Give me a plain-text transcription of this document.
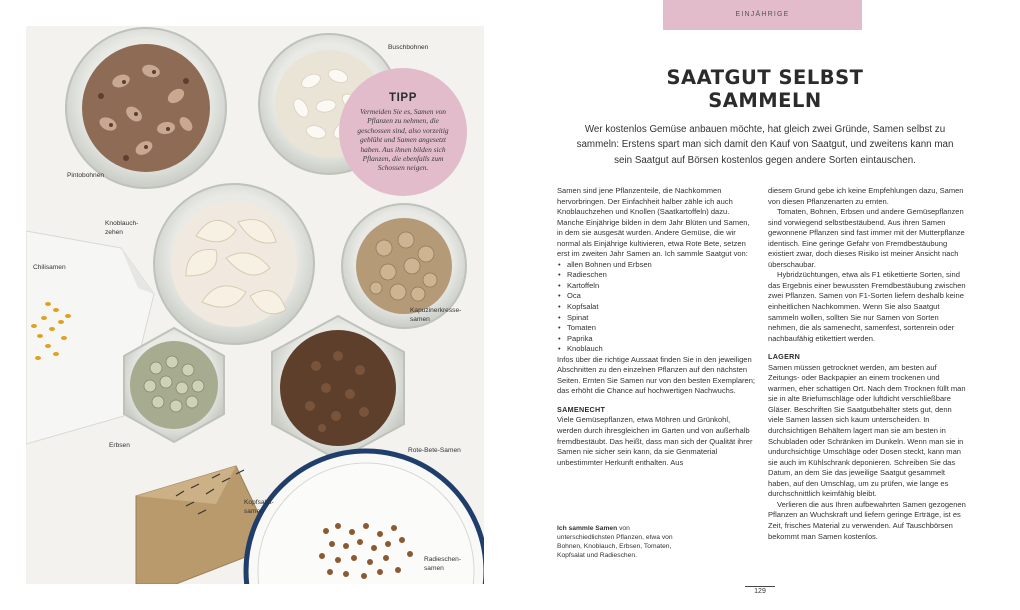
Buschbohnen
Pintobohnen
Knoblauch-
zehen
Chilisamen
Kapuzinerkresse-
samen
Erbsen
Rote-Bete-Samen
Kopfsalat-
samen
Radieschen-
samen
TIPP
Vermeiden Sie es, Samen von Pflanzen zu nehmen, die geschossen sind, also vorzeitig geblüht und Samen angesetzt haben. Aus ihnen bilden sich Pflanzen, die ebenfalls zum Schossen neigen.
EINJÄHRIGE
SAATGUT SELBST
SAMMELN
Wer kostenlos Gemüse anbauen möchte, hat gleich zwei Gründe, Samen selbst zu sammeln: Erstens spart man sich damit den Kauf von Saatgut, und zweitens kann man sein Saatgut auf Börsen kostenlos gegen andere Sorten eintauschen.

Samen sind jene Pflanzenteile, die Nachkommen hervorbringen. Der Einfachheit halber zähle ich auch Knoblauchzehen und Knollen (Saatkartoffeln) dazu. Manche Einjährige bilden in dem Jahr Blüten und Samen, in dem sie ausgesät wurden. Andere Gemüse, die wir normal als Einjährige kultivieren, etwa Rote Bete, setzen erst im zweiten Jahr Samen an. Ich sammle Saatgut von:

• allen Bohnen und Erbsen
• Radieschen
• Kartoffeln
• Oca
• Kopfsalat
• Spinat
• Tomaten
• Paprika
• Knoblauch

Infos über die richtige Aussaat finden Sie in den jeweiligen Abschnitten zu den einzelnen Pflanzen auf den nächsten Seiten. Ernten Sie Samen nur von den besten Exemplaren; das erhöht die Chance auf hochwertigen Nachwuchs.

SAMENECHT

Viele Gemüsepflanzen, etwa Möhren und Grünkohl, werden durch ihresgleichen im Garten und von außerhalb fremdbestäubt. Das heißt, dass man sich der Qualität ihrer Samen nie sicher sein kann, da sie Genmaterial unbestimmter Herkunft enthalten. Aus

diesem Grund gebe ich keine Empfehlungen dazu, Samen von diesen Pflanzenarten zu ernten.

Tomaten, Bohnen, Erbsen und andere Gemüsepflanzen sind vorwiegend selbstbestäubend. Aus ihren Samen gewonnene Pflanzen sind fast immer mit der Mutterpflanze identisch. Eine geringe Gefahr von Fremdbestäubung existiert zwar, doch dieses Risiko ist meiner Ansicht nach überschaubar.

Hybridzüchtungen, etwa als F1 etikettierte Sorten, sind das Ergebnis einer bewussten Fremdbestäubung zwischen zwei Pflanzen. Samen von F1-Sorten liefern deshalb keine einheitlichen Nachkommen. Wenn Sie also Saatgut sammeln wollen, sollten Sie nur Samen von Sorten nehmen, die als samenecht, samenfest, sortenrein oder nachbaufähig etikettiert werden.

LAGERN

Samen müssen getrocknet werden, am besten auf Zeitungs- oder Backpapier an einem trockenen und warmen, eher schattigen Ort. Nach dem Trocknen füllt man sie in alte Briefumschläge oder luftdicht verschließbare Gläser. Beschriften Sie Saatgutbehälter stets gut, denn viele Samen lassen sich kaum unterscheiden. In durchsichtigen Behältern lagert man sie am besten in Schubladen oder Schränken im Dunkeln. Wenn man sie in undurchsichtige Umschläge oder Dosen steckt, kann man sie auch im Kühlschrank deponieren. Schreiben Sie das Datum, an dem Sie das jeweilige Saatgut gesammelt haben, auf den Umschlag, um zu prüfen, wie lange es durchschnittlich keimfähig bleibt.

Verlieren die aus Ihren aufbewahrten Samen gezogenen Pflanzen an Wuchskraft und liefern geringe Erträge, ist es Zeit, frisches Material zu verwenden. Auf Tauschbörsen bekommt man Samen kostenlos.

Ich sammle Samen von unterschiedlichsten Pflanzen, etwa von Bohnen, Knoblauch, Erbsen, Tomaten, Kopfsalat und Radieschen.
129
